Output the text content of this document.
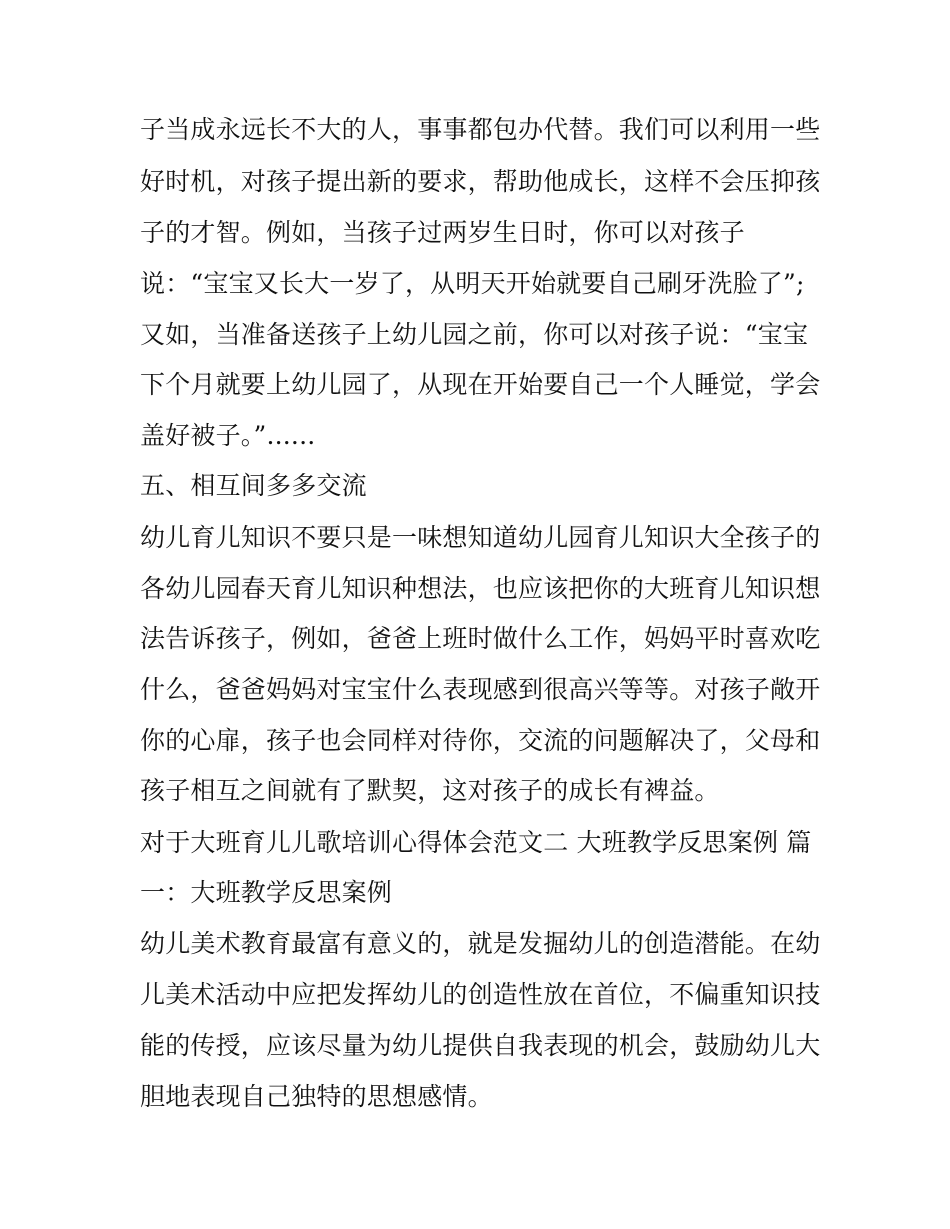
子当成永远长不大的人，事事都包办代替。我们可以利用一些

好时机，对孩子提出新的要求，帮助他成长，这样不会压抑孩

子的才智。例如，当孩子过两岁生日时，你可以对孩子

说：“宝宝又长大一岁了，从明天开始就要自己刷牙洗脸了”;

又如，当准备送孩子上幼儿园之前，你可以对孩子说：“宝宝

下个月就要上幼儿园了，从现在开始要自己一个人睡觉，学会

盖好被子。”......

五、相互间多多交流

幼儿育儿知识不要只是一味想知道幼儿园育儿知识大全孩子的

各幼儿园春天育儿知识种想法，也应该把你的大班育儿知识想

法告诉孩子，例如，爸爸上班时做什么工作，妈妈平时喜欢吃

什么，爸爸妈妈对宝宝什么表现感到很高兴等等。对孩子敞开

你的心扉，孩子也会同样对待你，交流的问题解决了，父母和

孩子相互之间就有了默契，这对孩子的成长有裨益。

对于大班育儿儿歌培训心得体会范文二 大班教学反思案例 篇

一：大班教学反思案例

幼儿美术教育最富有意义的，就是发掘幼儿的创造潜能。在幼

儿美术活动中应把发挥幼儿的创造性放在首位，不偏重知识技

能的传授，应该尽量为幼儿提供自我表现的机会，鼓励幼儿大

胆地表现自己独特的思想感情。
